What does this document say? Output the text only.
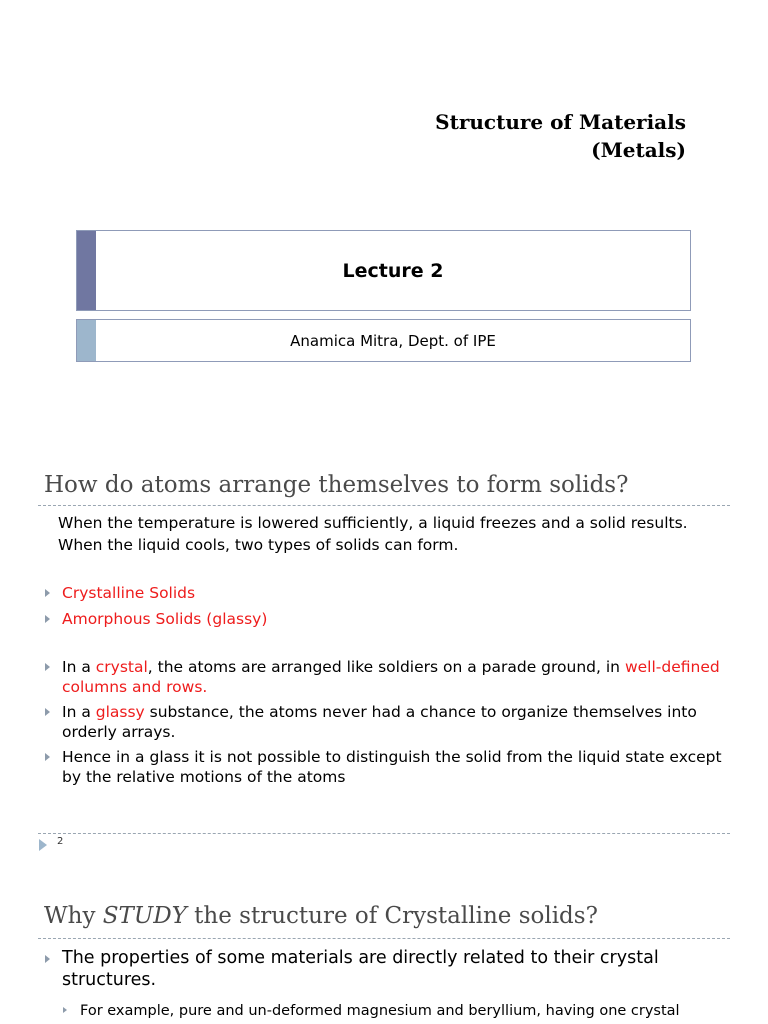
Structure of Materials
(Metals)
Lecture 2
Anamica Mitra, Dept. of IPE
How do atoms arrange themselves to form solids?

When the temperature is lowered sufficiently, a liquid freezes and a solid results.

When the liquid cools, two types of solids can form.

Crystalline Solids
Amorphous Solids (glassy)
In a crystal, the atoms are arranged like soldiers on a parade ground, in well-defined columns and rows.
In a glassy substance, the atoms never had a chance to organize themselves into orderly arrays.
Hence in a glass it is not possible to distinguish the solid from the liquid state except by the relative motions of the atoms
2
Why STUDY the structure of Crystalline solids?
The properties of some materials are directly related to their crystal structures.
For example, pure and un-deformed magnesium and beryllium, having one crystal
